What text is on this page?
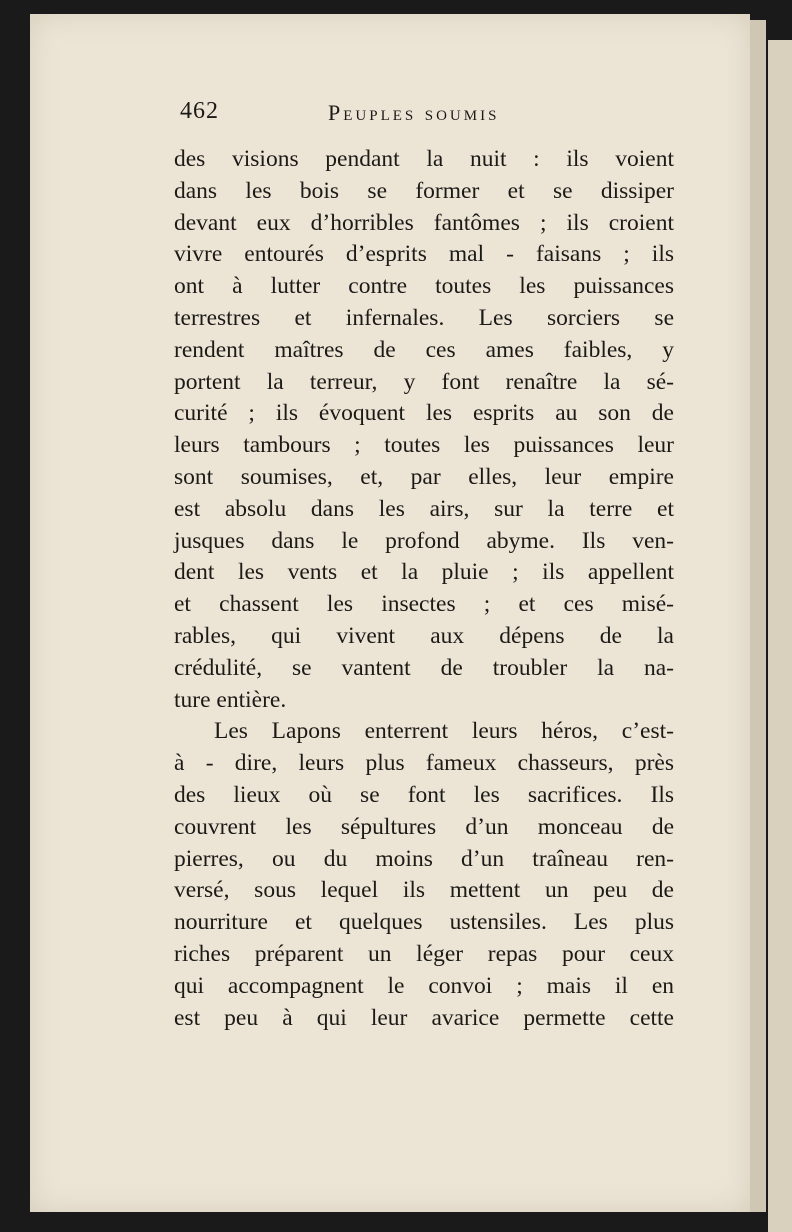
462	Peuples soumis
des visions pendant la nuit : ils voient
dans les bois se former et se dissiper
devant eux d’horribles fantômes ; ils croient
vivre entourés d’esprits mal - faisans ; ils
ont à lutter contre toutes les puissances
terrestres et infernales. Les sorciers se
rendent maîtres de ces ames faibles, y
portent la terreur, y font renaître la sé-
curité ; ils évoquent les esprits au son de
leurs tambours ; toutes les puissances leur
sont soumises, et, par elles, leur empire
est absolu dans les airs, sur la terre et
jusques dans le profond abyme. Ils ven-
dent les vents et la pluie ; ils appellent
et chassent les insectes ; et ces misé-
rables, qui vivent aux dépens de la
crédulité, se vantent de troubler la na-
ture entière.
Les Lapons enterrent leurs héros, c’est-
à - dire, leurs plus fameux chasseurs, près
des lieux où se font les sacrifices. Ils
couvrent les sépultures d’un monceau de
pierres, ou du moins d’un traîneau ren-
versé, sous lequel ils mettent un peu de
nourriture et quelques ustensiles. Les plus
riches préparent un léger repas pour ceux
qui accompagnent le convoi ; mais il en
est peu à qui leur avarice permette cette
